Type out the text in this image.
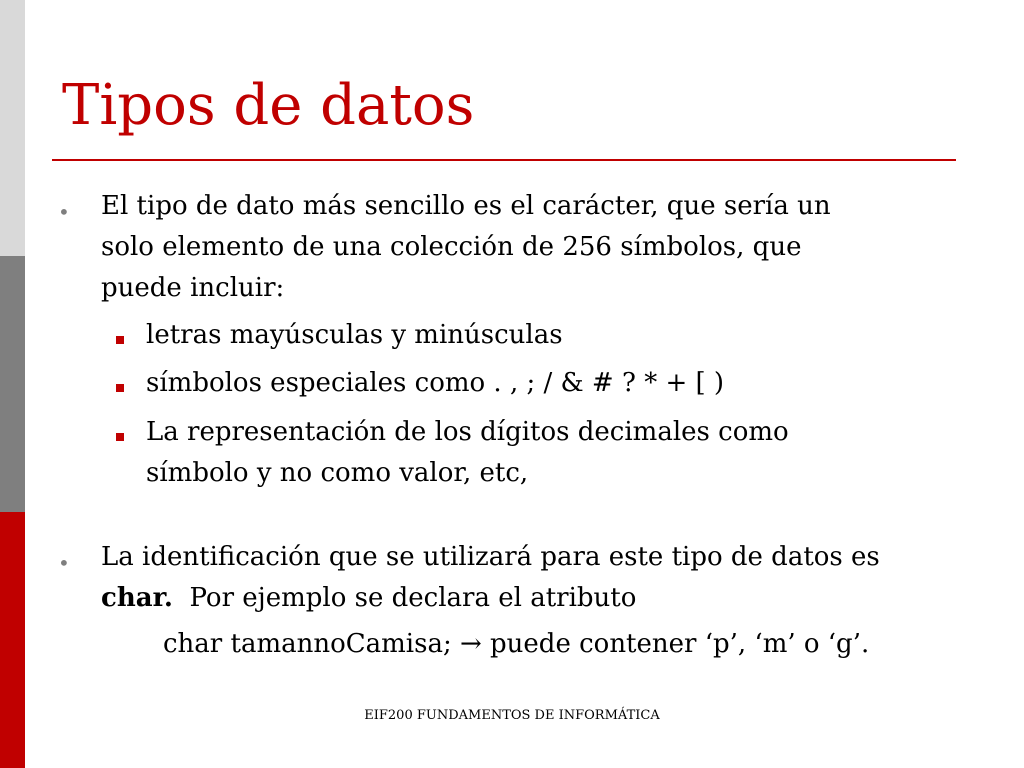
Tipos de datos
• El tipo de dato más sencillo es el carácter, que sería un
solo elemento de una colección de 256 símbolos, que
puede incluir:
letras mayúsculas y minúsculas
símbolos especiales como . , ; / & # ? * + [ )
La representación de los dígitos decimales como
símbolo y no como valor, etc,
• La identificación que se utilizará para este tipo de datos es
char.  Por ejemplo se declara el atributo
char tamannoCamisa; → puede contener ‘p’, ‘m’ o ‘g’.
EIF200 FUNDAMENTOS DE INFORMÁTICA
